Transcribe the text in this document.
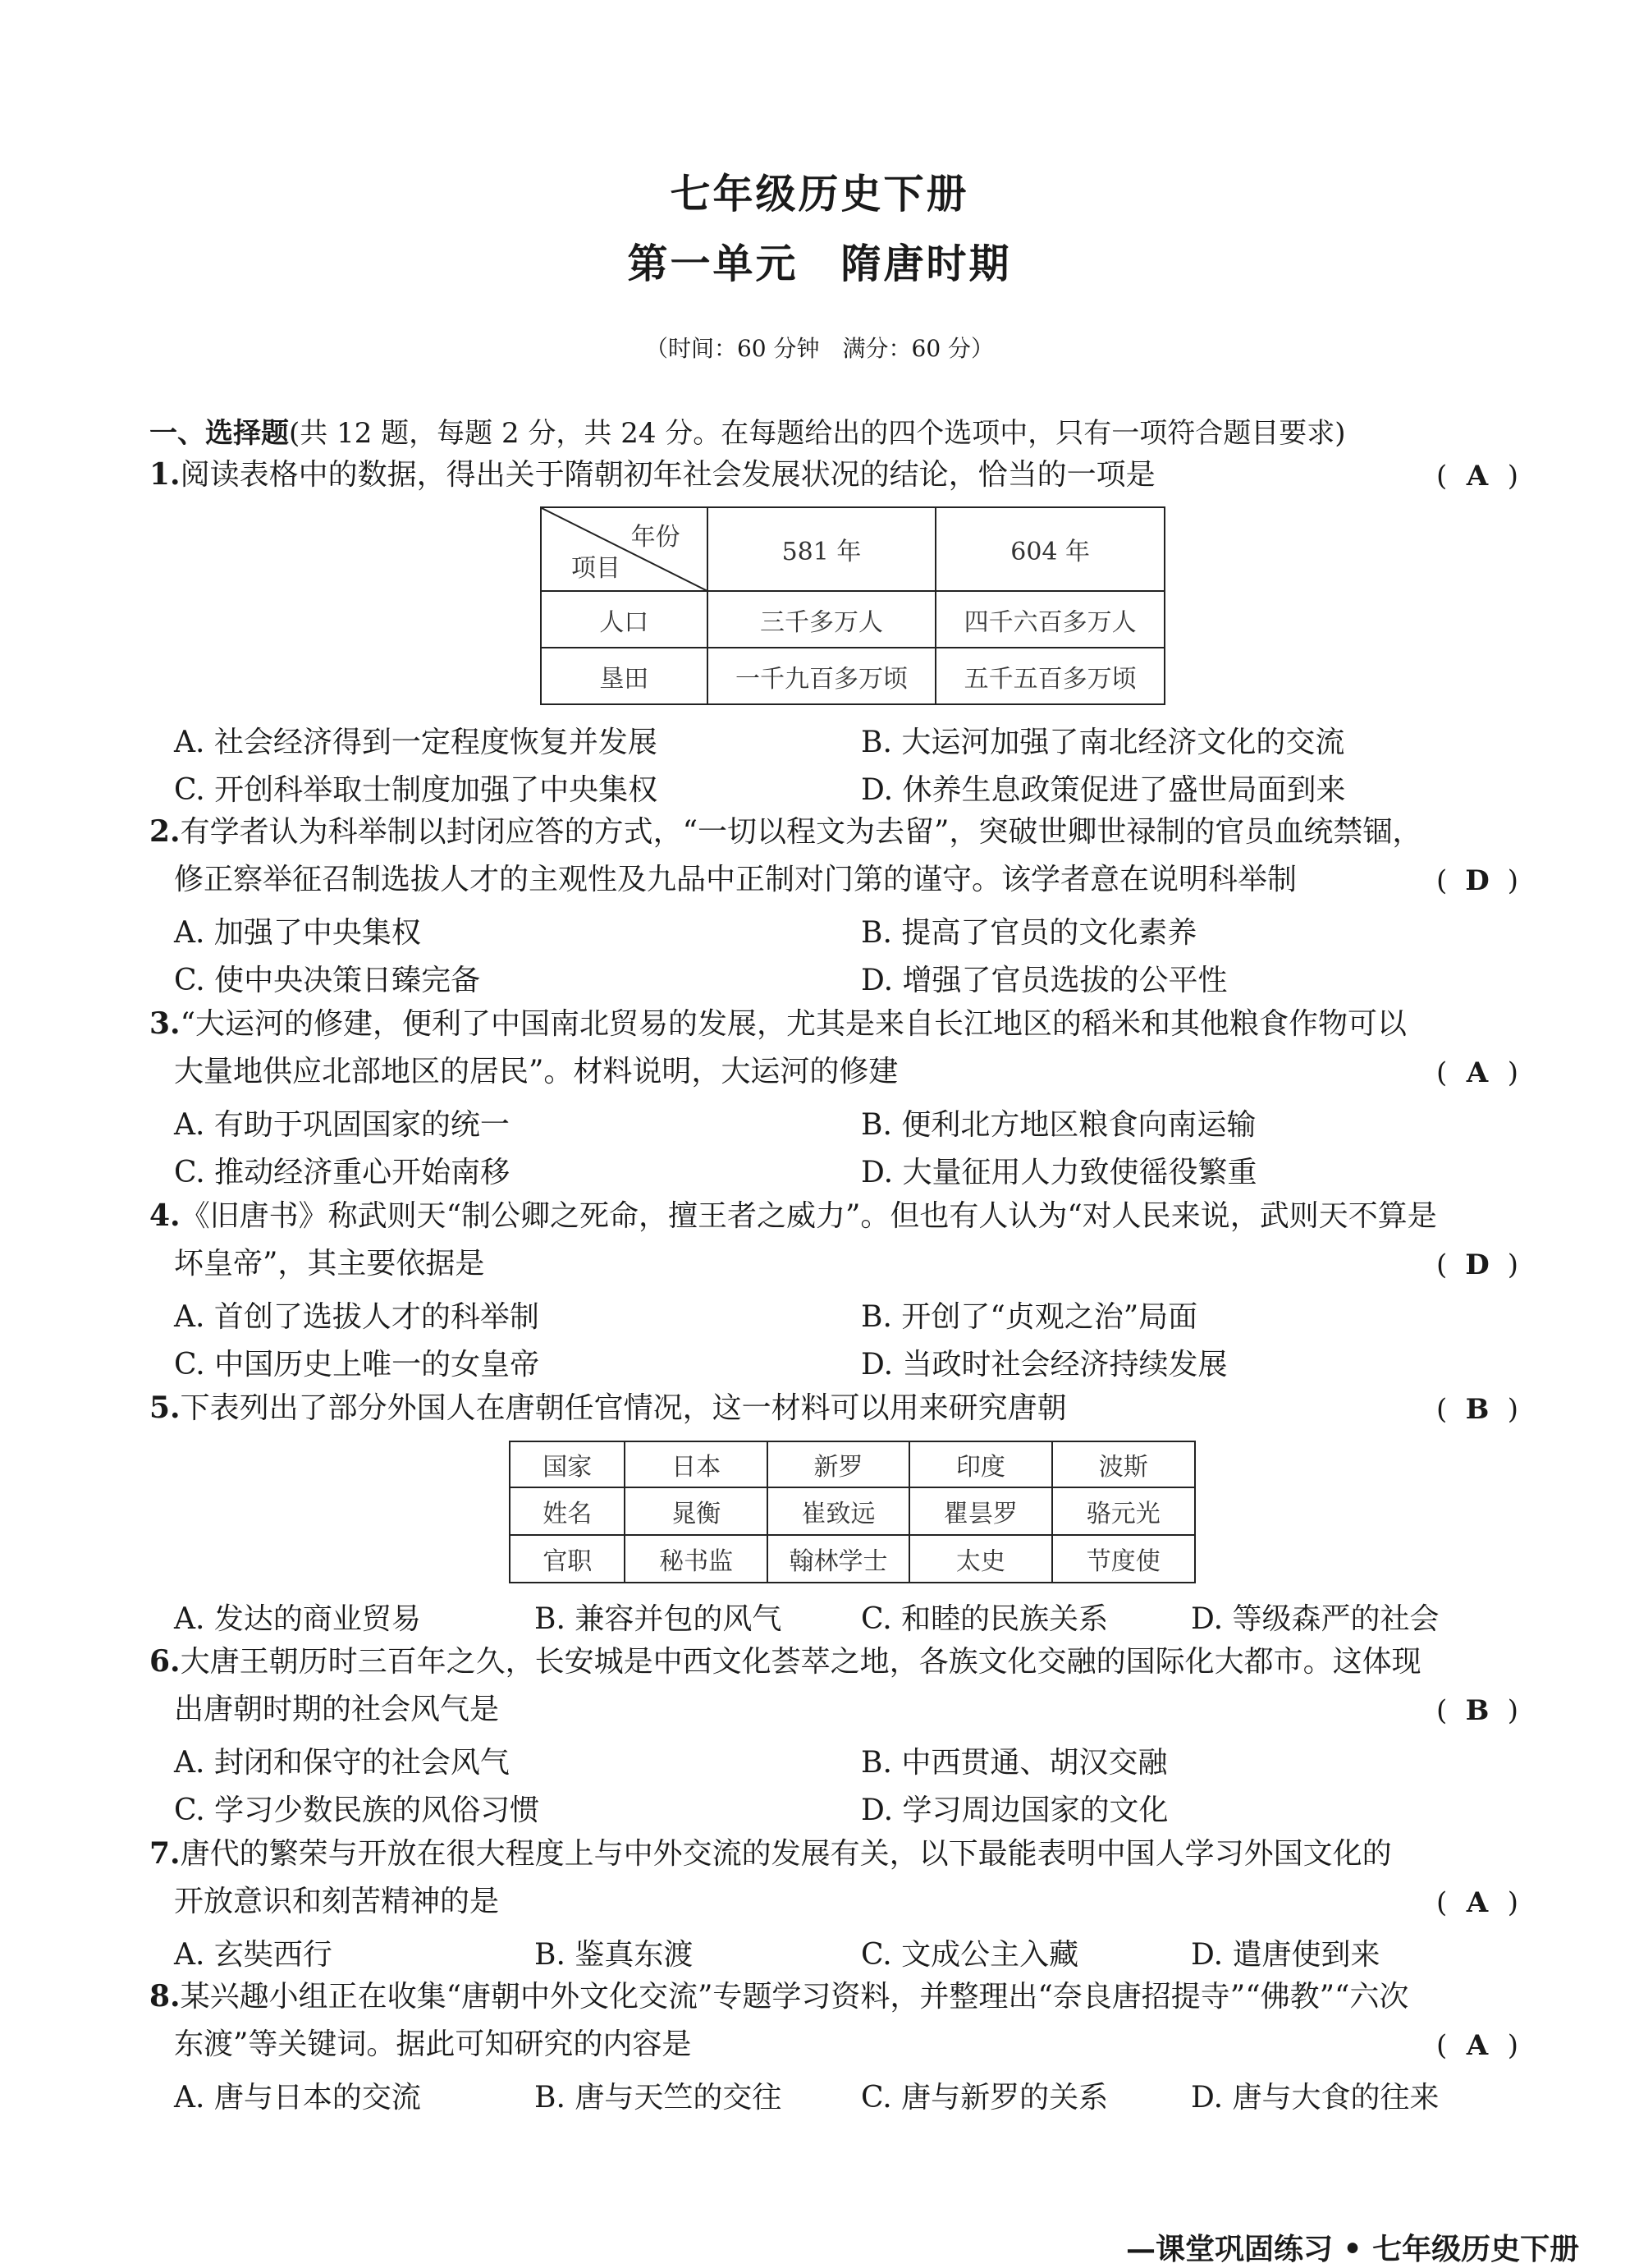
七年级历史下册
第一单元　隋唐时期
（时间：60 分钟　满分：60 分）
一、选择题(共 12 题，每题 2 分，共 24 分。在每题给出的四个选项中，只有一项符合题目要求)
1.阅读表格中的数据，得出关于隋朝初年社会发展状况的结论，恰当的一项是	( A )
年份
项目	581 年	604 年
人口	三千多万人	四千六百多万人
垦田	一千九百多万顷	五千五百多万顷
A. 社会经济得到一定程度恢复并发展	B. 大运河加强了南北经济文化的交流
C. 开创科举取士制度加强了中央集权	D. 休养生息政策促进了盛世局面到来
2.有学者认为科举制以封闭应答的方式，“一切以程文为去留”，突破世卿世禄制的官员血统禁锢，
修正察举征召制选拔人才的主观性及九品中正制对门第的谨守。该学者意在说明科举制	( D )
A. 加强了中央集权	B. 提高了官员的文化素养
C. 使中央决策日臻完备	D. 增强了官员选拔的公平性
3.“大运河的修建，便利了中国南北贸易的发展，尤其是来自长江地区的稻米和其他粮食作物可以
大量地供应北部地区的居民”。材料说明，大运河的修建	( A )
A. 有助于巩固国家的统一	B. 便利北方地区粮食向南运输
C. 推动经济重心开始南移	D. 大量征用人力致使徭役繁重
4.《旧唐书》称武则天“制公卿之死命，擅王者之威力”。但也有人认为“对人民来说，武则天不算是
坏皇帝”，其主要依据是	( D )
A. 首创了选拔人才的科举制	B. 开创了“贞观之治”局面
C. 中国历史上唯一的女皇帝	D. 当政时社会经济持续发展
5.下表列出了部分外国人在唐朝任官情况，这一材料可以用来研究唐朝	( B )
国家	日本	新罗	印度	波斯
姓名	晁衡	崔致远	瞿昙罗	骆元光
官职	秘书监	翰林学士	太史	节度使
A. 发达的商业贸易	B. 兼容并包的风气	C. 和睦的民族关系	D. 等级森严的社会
6.大唐王朝历时三百年之久，长安城是中西文化荟萃之地，各族文化交融的国际化大都市。这体现
出唐朝时期的社会风气是	( B )
A. 封闭和保守的社会风气	B. 中西贯通、胡汉交融
C. 学习少数民族的风俗习惯	D. 学习周边国家的文化
7.唐代的繁荣与开放在很大程度上与中外交流的发展有关，以下最能表明中国人学习外国文化的
开放意识和刻苦精神的是	( A )
A. 玄奘西行	B. 鉴真东渡	C. 文成公主入藏	D. 遣唐使到来
8.某兴趣小组正在收集“唐朝中外文化交流”专题学习资料，并整理出“奈良唐招提寺”“佛教”“六次
东渡”等关键词。据此可知研究的内容是	( A )
A. 唐与日本的交流	B. 唐与天竺的交往	C. 唐与新罗的关系	D. 唐与大食的往来
—课堂巩固练习 • 七年级历史下册
